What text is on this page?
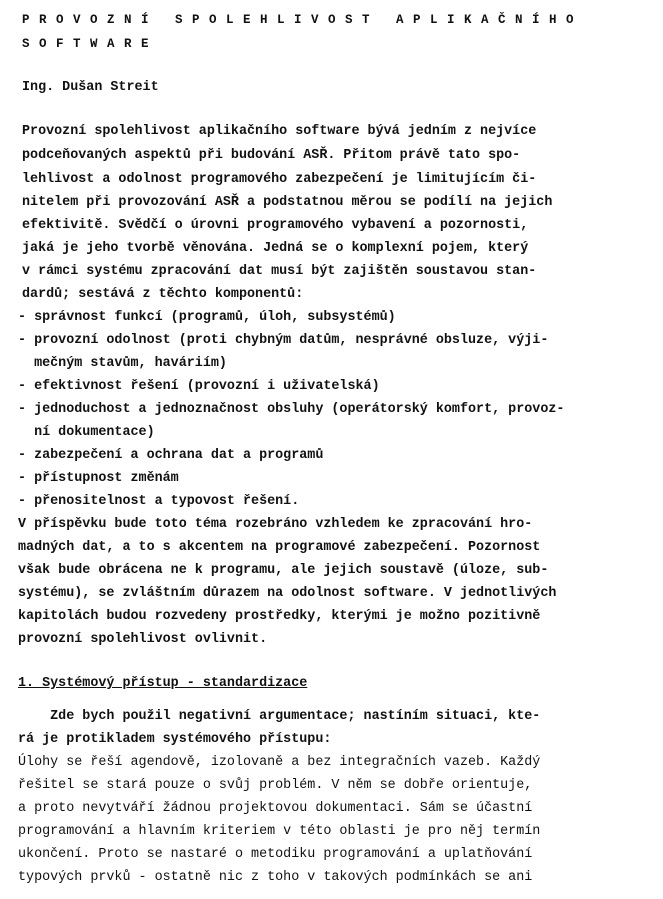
PROVOZNÍ SPOLEHLIVOST APLIKAČNÍHO
SOFTWARE
Ing. Dušan Streit
Provozní spolehlivost aplikačního software bývá jedním z nejvíce
podceňovaných aspektů při budování ASŘ. Přitom právě tato spo-
lehlivost a odolnost programového zabezpečení je limitujícím či-
nitelem při provozování ASŘ a podstatnou měrou se podílí na jejich
efektivitě. Svědčí o úrovni programového vybavení a pozornosti,
jaká je jeho tvorbě věnována. Jedná se o komplexní pojem, který
v rámci systému zpracování dat musí být zajištěn soustavou stan-
dardů; sestává z těchto komponentů:
- správnost funkcí (programů, úloh, subsystémů)
- provozní odolnost (proti chybným datům, nesprávné obsluze, výji-
mečným stavům, haváriím)
- efektivnost řešení (provozní i uživatelská)
- jednoduchost a jednoznačnost obsluhy (operátorský komfort, provoz-
ní dokumentace)
- zabezpečení a ochrana dat a programů
- přístupnost změnám
- přenositelnost a typovost řešení.
V příspěvku bude toto téma rozebráno vzhledem ke zpracování hro-
madných dat, a to s akcentem na programové zabezpečení. Pozornost
však bude obrácena ne k programu, ale jejich soustavě (úloze, sub-
systému), se zvláštním důrazem na odolnost software. V jednotlivých
kapitolách budou rozvedeny prostředky, kterými je možno pozitivně
provozní spolehlivost ovlivnit.
1. Systémový přístup - standardizace
Zde bych použil negativní argumentace; nastíním situaci, kte-
rá je protikladem systémového přístupu:
Úlohy se řeší agendově, izolovaně a bez integračních vazeb. Každý
řešitel se stará pouze o svůj problém. V něm se dobře orientuje,
a proto nevytváří žádnou projektovou dokumentaci. Sám se účastní
programování a hlavním kriteriem v této oblasti je pro něj termín
ukončení. Proto se nastaré o metodiku programování a uplatňování
typových prvků - ostatně nic z toho v takových podmínkách se ani
